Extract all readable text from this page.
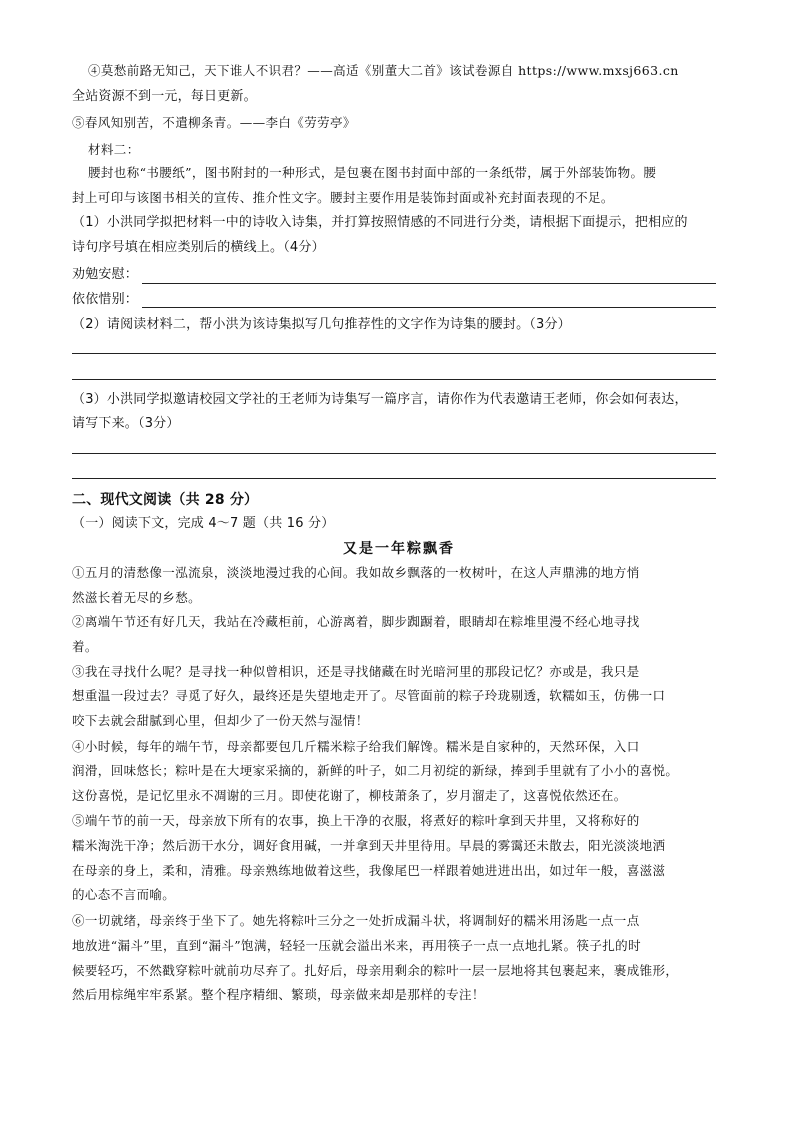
④莫愁前路无知己，天下谁人不识君？——高适《别董大二首》该试卷源自 https://www.mxsj663.cn
全站资源不到一元，每日更新。
⑤春风知别苦，不遣柳条青。——李白《劳劳亭》
材料二：
腰封也称“书腰纸”，图书附封的一种形式，是包裹在图书封面中部的一条纸带，属于外部装饰物。腰
封上可印与该图书相关的宣传、推介性文字。腰封主要作用是装饰封面或补充封面表现的不足。
（1）小洪同学拟把材料一中的诗收入诗集，并打算按照情感的不同进行分类，请根据下面提示，把相应的
诗句序号填在相应类别后的横线上。（4分）
劝勉安慰：
依依惜别：
（2）请阅读材料二，帮小洪为该诗集拟写几句推荐性的文字作为诗集的腰封。（3分）
（3）小洪同学拟邀请校园文学社的王老师为诗集写一篇序言，请你作为代表邀请王老师，你会如何表达，
请写下来。（3分）
二、现代文阅读（共 28 分）
（一）阅读下文，完成 4～7 题（共 16 分）
又是一年粽飘香
①五月的清愁像一泓流泉，淡淡地漫过我的心间。我如故乡飘落的一枚树叶，在这人声鼎沸的地方悄
然滋长着无尽的乡愁。
②离端午节还有好几天，我站在冷藏柜前，心游离着，脚步踟蹰着，眼睛却在粽堆里漫不经心地寻找
着。
③我在寻找什么呢？是寻找一种似曾相识，还是寻找储藏在时光暗河里的那段记忆？亦或是，我只是
想重温一段过去？寻觅了好久，最终还是失望地走开了。尽管面前的粽子玲珑剔透，软糯如玉，仿佛一口
咬下去就会甜腻到心里，但却少了一份天然与湿情！
④小时候，每年的端午节，母亲都要包几斤糯米粽子给我们解馋。糯米是自家种的，天然环保，入口
润滑，回味悠长；粽叶是在大埂家采摘的，新鲜的叶子，如二月初绽的新绿，捧到手里就有了小小的喜悦。
这份喜悦，是记忆里永不凋谢的三月。即使花谢了，柳枝萧条了，岁月溜走了，这喜悦依然还在。
⑤端午节的前一天，母亲放下所有的农事，换上干净的衣服，将煮好的粽叶拿到天井里，又将称好的
糯米淘洗干净；然后沥干水分，调好食用碱，一并拿到天井里待用。早晨的雾霭还未散去，阳光淡淡地洒
在母亲的身上，柔和，清雅。母亲熟练地做着这些，我像尾巴一样跟着她进进出出，如过年一般，喜滋滋
的心态不言而喻。
⑥一切就绪，母亲终于坐下了。她先将粽叶三分之一处折成漏斗状，将调制好的糯米用汤匙一点一点
地放进“漏斗”里，直到“漏斗”饱满，轻轻一压就会溢出米来，再用筷子一点一点地扎紧。筷子扎的时
候要轻巧，不然戳穿粽叶就前功尽弃了。扎好后，母亲用剩余的粽叶一层一层地将其包裹起来，裹成锥形，
然后用棕绳牢牢系紧。整个程序精细、繁琐，母亲做来却是那样的专注！
